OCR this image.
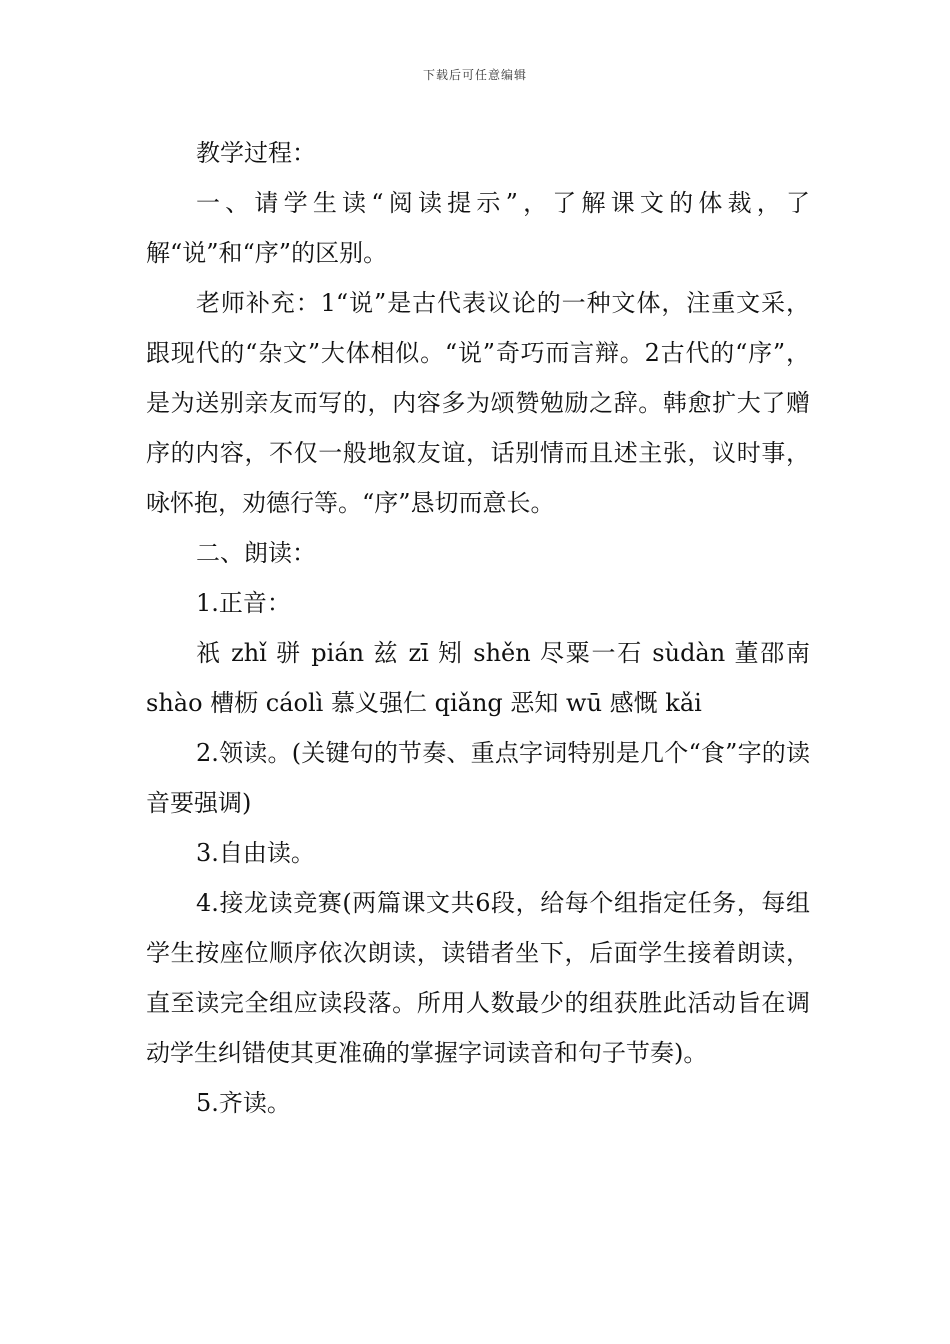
下载后可任意编辑

教学过程：

一、请学生读“阅读提示”，了解课文的体裁，了解“说”和“序”的区别。

老师补充：1“说”是古代表议论的一种文体，注重文采，跟现代的“杂文”大体相似。“说”奇巧而言辩。2古代的“序”，是为送别亲友而写的，内容多为颂赞勉励之辞。韩愈扩大了赠序的内容，不仅一般地叙友谊，话别情而且述主张，议时事，咏怀抱，劝德行等。“序”恳切而意长。

二、朗读：

1.正音：

祇 zhǐ 骈 pián 兹 zī 矧 shěn 尽粟一石 sùdàn 董邵南 shào 槽枥 cáolì 慕义强仁 qiǎng 恶知 wū 感慨 kǎi

2.领读。(关键句的节奏、重点字词特别是几个“食”字的读音要强调)

3.自由读。

4.接龙读竞赛(两篇课文共6段，给每个组指定任务，每组学生按座位顺序依次朗读，读错者坐下，后面学生接着朗读，直至读完全组应读段落。所用人数最少的组获胜此活动旨在调动学生纠错使其更准确的掌握字词读音和句子节奏)。

5.齐读。
